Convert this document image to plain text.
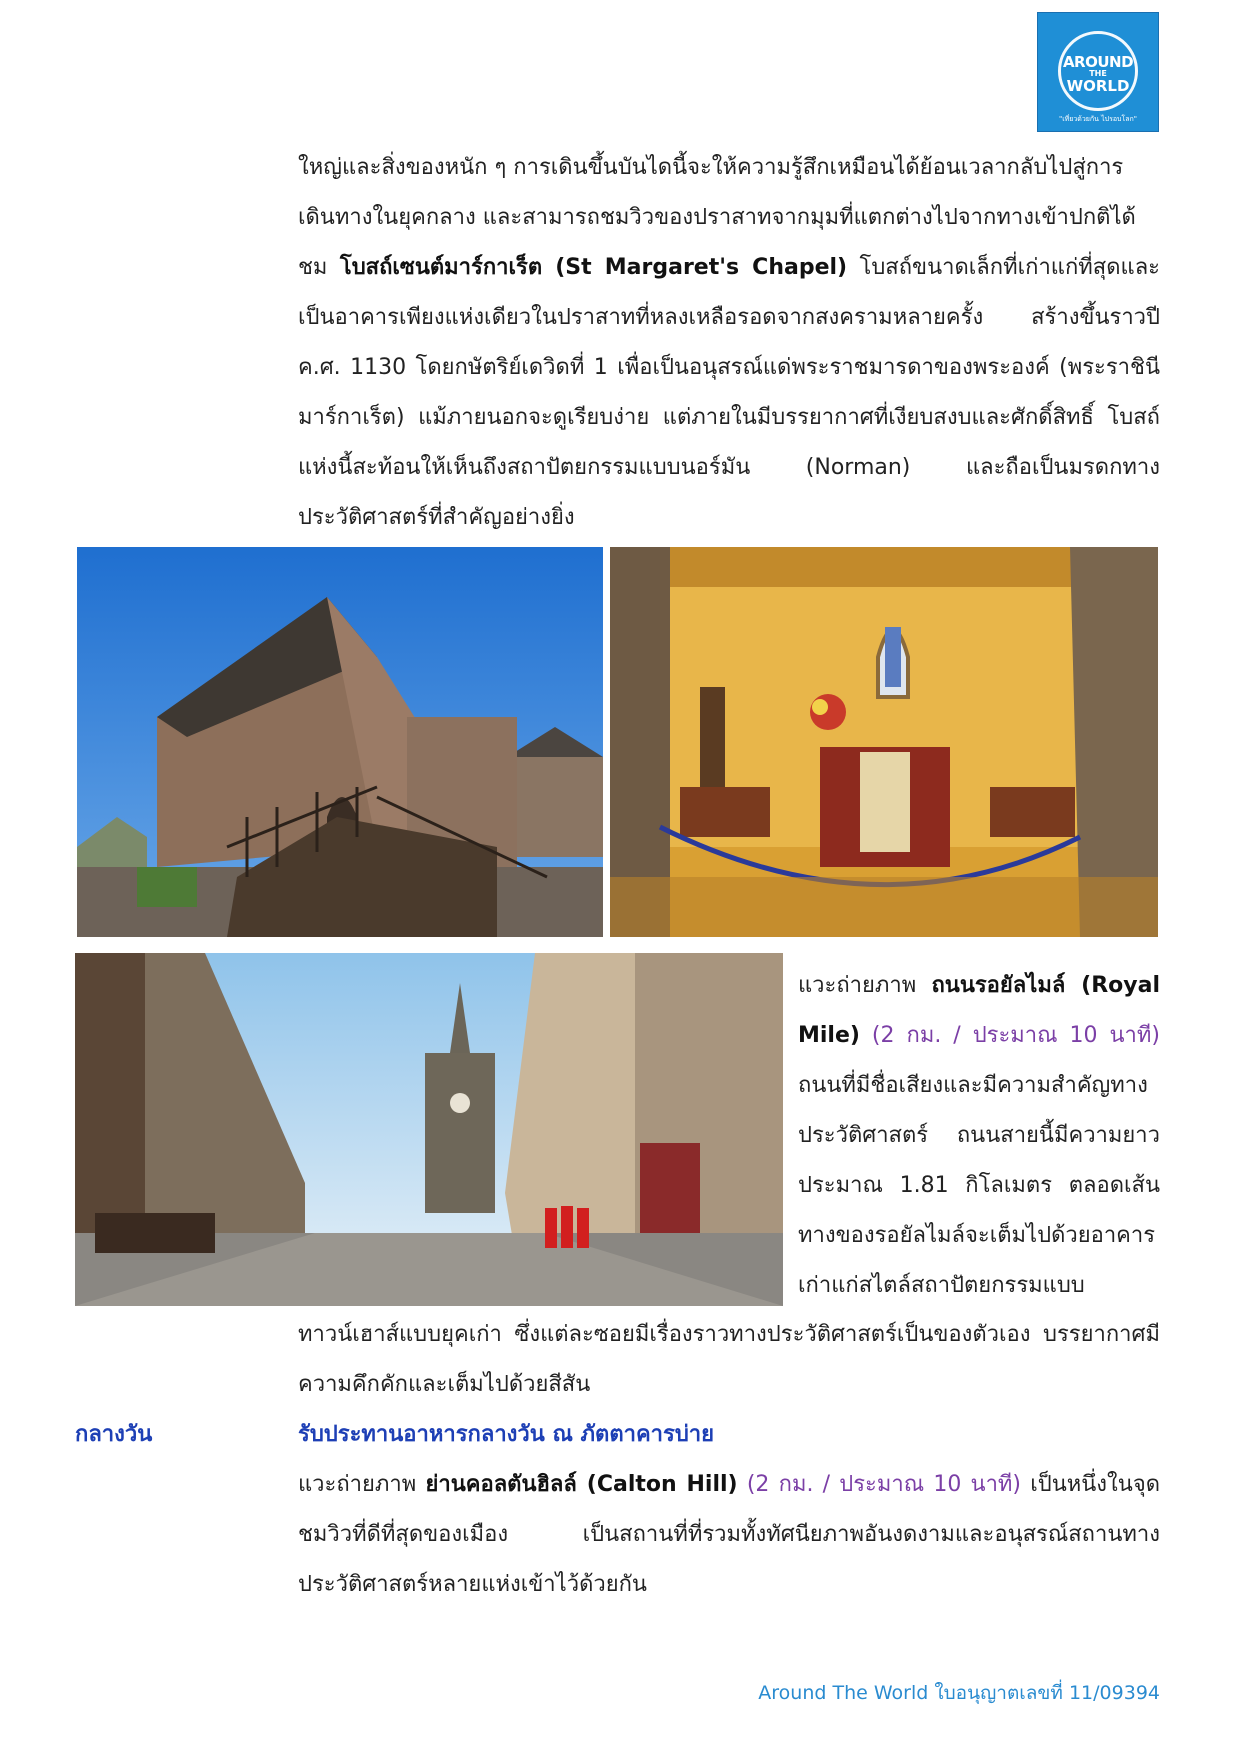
AROUND
THE
WORLD
"เที่ยวด้วยกัน ไปรอบโลก"
ใหญ่และสิ่งของหนัก ๆ การเดินขึ้นบันไดนี้จะให้ความรู้สึกเหมือนได้ย้อนเวลากลับไปสู่การ
เดินทางในยุคกลาง และสามารถชมวิวของปราสาทจากมุมที่แตกต่างไปจากทางเข้าปกติได้
ชม โบสถ์เซนต์มาร์กาเร็ต (St Margaret's Chapel) โบสถ์ขนาดเล็กที่เก่าแก่ที่สุดและเป็นอาคารเพียงแห่งเดียวในปราสาทที่หลงเหลือรอดจากสงครามหลายครั้ง สร้างขึ้นราวปี ค.ศ. 1130 โดยกษัตริย์เดวิดที่ 1 เพื่อเป็นอนุสรณ์แด่พระราชมารดาของพระองค์ (พระราชินีมาร์กาเร็ต) แม้ภายนอกจะดูเรียบง่าย แต่ภายในมีบรรยากาศที่เงียบสงบและศักดิ์สิทธิ์ โบสถ์แห่งนี้สะท้อนให้เห็นถึงสถาปัตยกรรมแบบนอร์มัน (Norman) และถือเป็นมรดกทางประวัติศาสตร์ที่สำคัญอย่างยิ่ง
แวะถ่ายภาพ ถนนรอยัลไมล์ (Royal Mile) (2 กม. / ประมาณ 10 นาที) ถนนที่มีชื่อเสียงและมีความสำคัญทางประวัติศาสตร์ ถนนสายนี้มีความยาวประมาณ 1.81 กิโลเมตร ตลอดเส้นทางของรอยัลไมล์จะเต็มไปด้วยอาคารเก่าแก่สไตล์สถาปัตยกรรมแบบ
ทาวน์เฮาส์แบบยุคเก่า ซึ่งแต่ละซอยมีเรื่องราวทางประวัติศาสตร์เป็นของตัวเอง บรรยากาศมีความคึกคักและเต็มไปด้วยสีสัน
กลางวัน	รับประทานอาหารกลางวัน ณ ภัตตาคารบ่าย
แวะถ่ายภาพ ย่านคอลตันฮิลล์ (Calton Hill) (2 กม. / ประมาณ 10 นาที) เป็นหนึ่งในจุดชมวิวที่ดีที่สุดของเมือง เป็นสถานที่ที่รวมทั้งทัศนียภาพอันงดงามและอนุสรณ์สถานทางประวัติศาสตร์หลายแห่งเข้าไว้ด้วยกัน
Around The World ใบอนุญาตเลขที่ 11/09394
